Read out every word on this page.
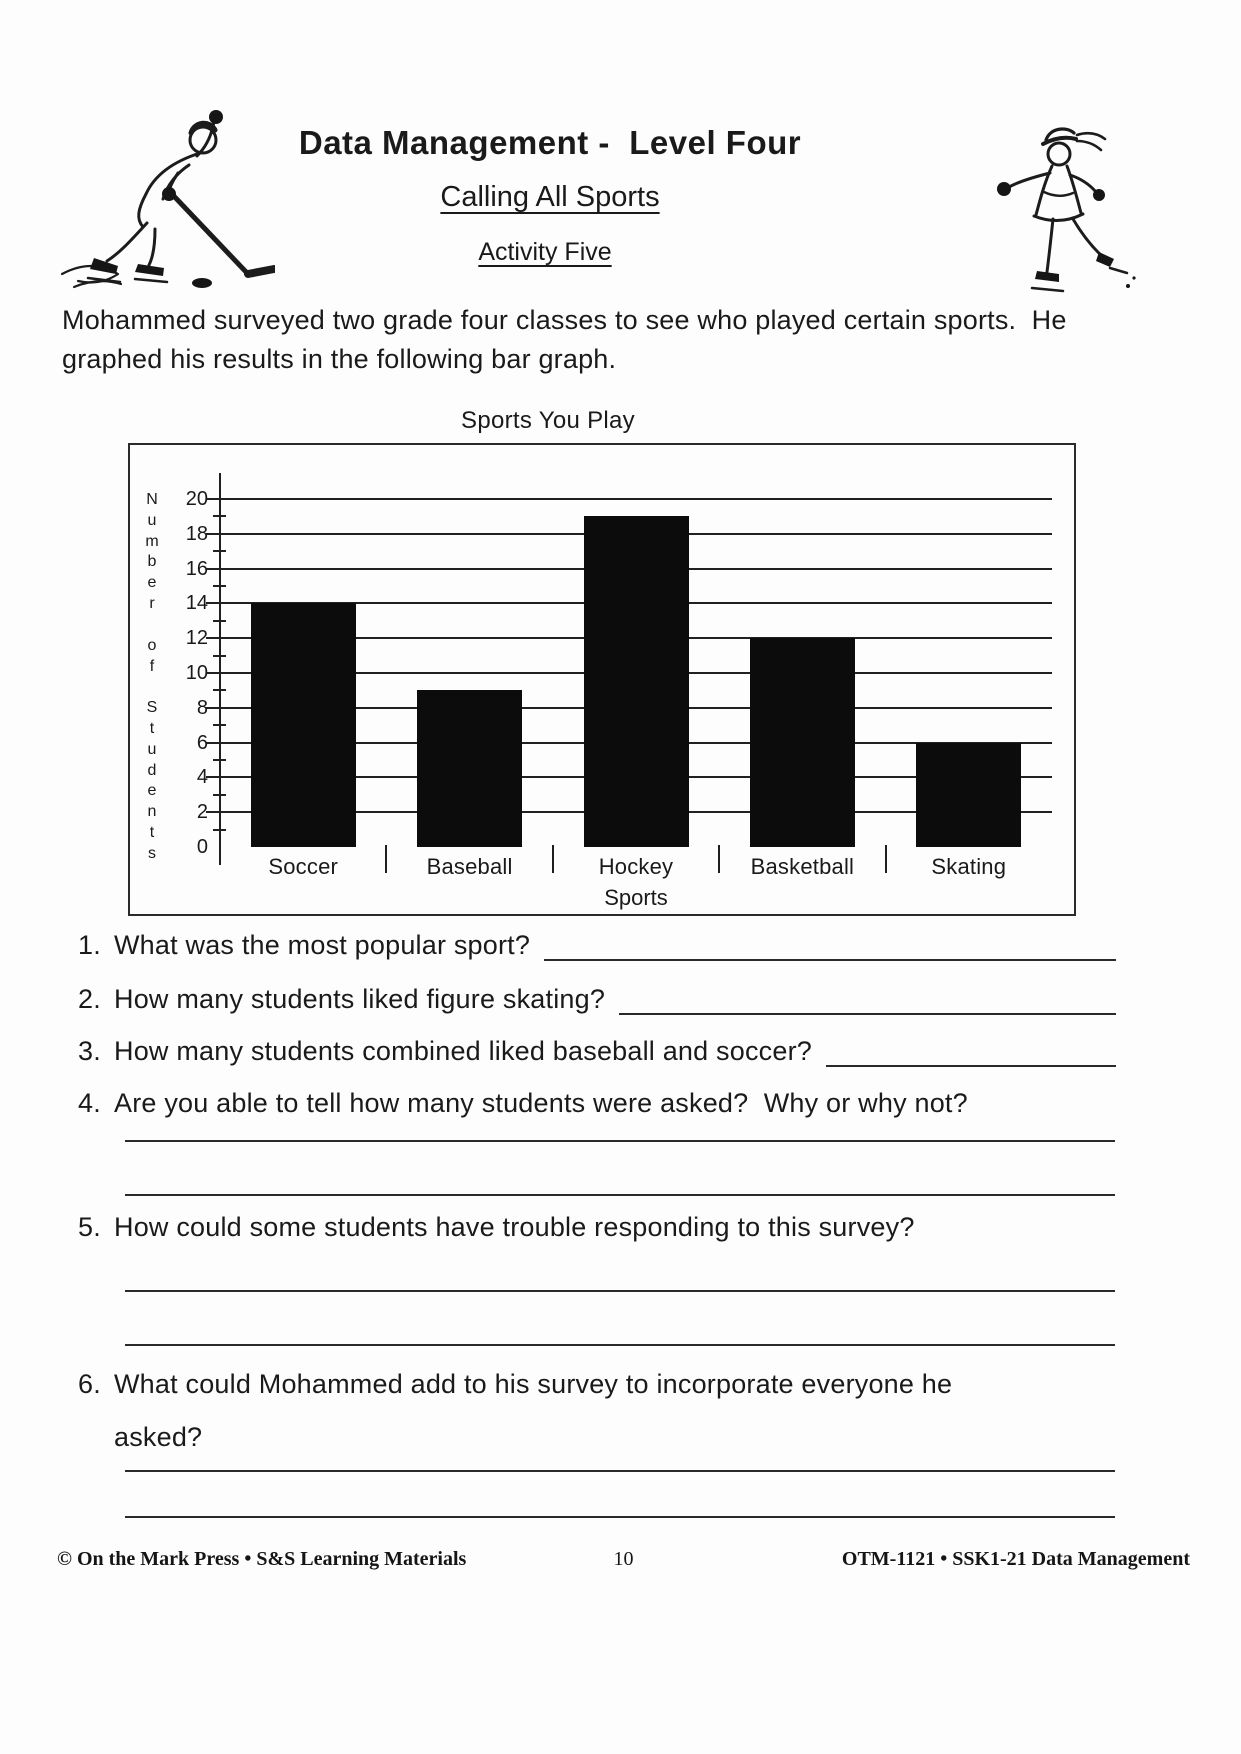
Data Management -  Level Four
Calling All Sports
Activity Five
Mohammed surveyed two grade four classes to see who played certain sports.  He
graphed his results in the following bar graph.
Sports You Play
N
u
m
b
e
r
o
f
S
t
u
d
e
n
t
s
Sports
20
18
16
14
12
10
8
6
4
2
0
Soccer	Baseball	Hockey	Basketball	Skating
1. What was the most popular sport?
2. How many students liked figure skating?
3. How many students combined liked baseball and soccer?
4. Are you able to tell how many students were asked?  Why or why not?
5. How could some students have trouble responding to this survey?
6. What could Mohammed add to his survey to incorporate everyone he asked?
© On the Mark Press • S&S Learning Materials	10	OTM-1121 • SSK1-21 Data Management
